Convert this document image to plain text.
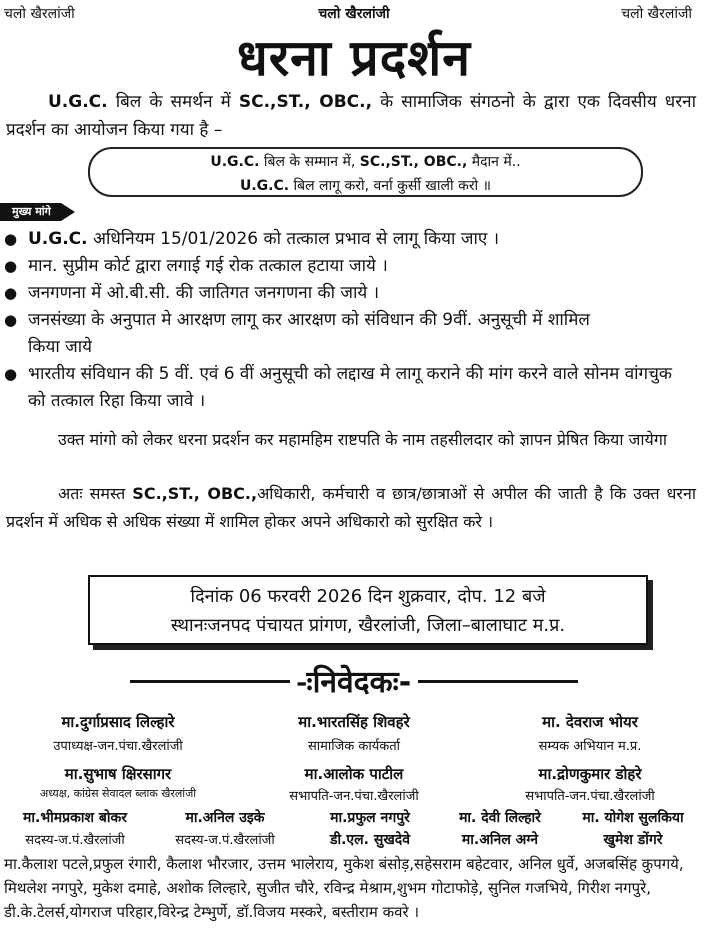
चलो खैरलांजी	चलो खैरलांजी	चलो खैरलांजी
धरना प्रदर्शन
U.G.C. बिल के समर्थन में SC.,ST., OBC., के सामाजिक संगठनो के द्वारा एक दिवसीय धरना प्रदर्शन का आयोजन किया गया है –
U.G.C. बिल के सम्मान में, SC.,ST., OBC., मैदान में..
U.G.C. बिल लागू करो, वर्ना कुर्सी खाली करो ॥
मुख्य मांगे
● U.G.C. अधिनियम 15/01/2026 को तत्काल प्रभाव से लागू किया जाए ।
● मान. सुप्रीम कोर्ट द्वारा लगाई गई रोक तत्काल हटाया जाये ।
● जनगणना में ओ.बी.सी. की जातिगत जनगणना की जाये ।
● जनसंख्या के अनुपात मे आरक्षण लागू कर आरक्षण को संविधान की 9वीं. अनुसूची में शामिल किया जाये
● भारतीय संविधान की 5 वीं. एवं 6 वीं अनुसूची को लद्दाख मे लागू कराने की मांग करने वाले सोनम वांगचुक को तत्काल रिहा किया जावे ।
उक्त मांगो को लेकर धरना प्रदर्शन कर महामहिम राष्टपति के नाम तहसीलदार को ज्ञापन प्रेषित किया जायेगा
अतः समस्त SC.,ST., OBC.,अधिकारी, कर्मचारी व छात्र/छात्राओं से अपील की जाती है कि उक्त धरना प्रदर्शन में अधिक से अधिक संख्या में शामिल होकर अपने अधिकारो को सुरक्षित करे ।
दिनांक 06 फरवरी 2026 दिन शुक्रवार, दोप. 12 बजे
स्थानःजनपद पंचायत प्रांगण, खैरलांजी, जिला–बालाघाट म.प्र.
-ःनिवेदकः-
मा.दुर्गाप्रसाद लिल्हारे
उपाध्यक्ष-जन.पंचा.खैरलांजी
मा.भारतसिंह शिवहरे
सामाजिक कार्यकर्ता
मा. देवराज भोयर
सम्यक अभियान म.प्र.
मा.सुभाष क्षिरसागर
अध्यक्ष, कांग्रेस सेवादल ब्लाक खैरलांजी
मा.आलोक पाटील
सभापति-जन.पंचा.खैरलांजी
मा.द्रोणकुमार डोहरे
सभापति-जन.पंचा.खैरलांजी
मा.भीमप्रकाश बोकर
सदस्य-ज.पं.खैरलांजी
मा.अनिल उइके
सदस्य-ज.पं.खैरलांजी
मा.प्रफुल नगपुरे
डी.एल. सुखदेवे
मा. देवी लिल्हारे
मा.अनिल अग्ने
मा. योगेश सुलकिया
खुमेश डोंगरे
मा.कैलाश पटले,प्रफुल रंगारी, कैलाश भौरजार, उत्तम भालेराय, मुकेश बंसोड़,सहेसराम बहेटवार, अनिल धुर्वे, अजबसिंह कुपगये, मिथलेश नगपुरे, मुकेश दमाहे, अशोक लिल्हारे, सुजीत चौरे, रविन्द्र मेश्राम,शुभम गोटाफोड़े, सुनिल गजभिये, गिरीश नगपुरे, डी.के.टेलर्स,योगराज परिहार,विरेन्द्र टेम्भुर्णे, डॉ.विजय मस्करे, बस्तीराम कवरे ।
